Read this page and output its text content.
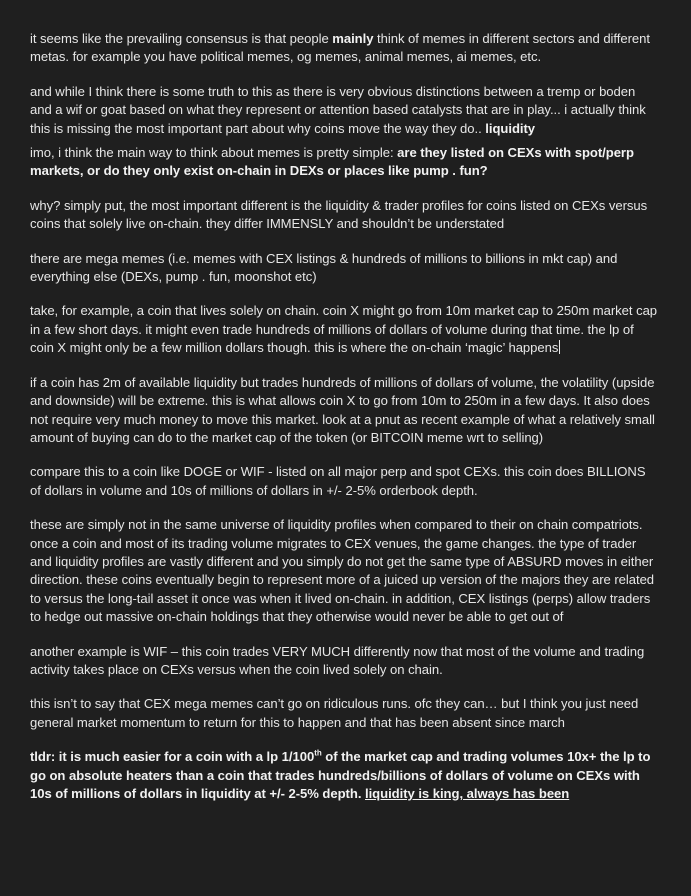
it seems like the prevailing consensus is that people mainly think of memes in different sectors and different metas. for example you have political memes, og memes, animal memes, ai memes, etc.

and while I think there is some truth to this as there is very obvious distinctions between a tremp or boden and a wif or goat based on what they represent or attention based catalysts that are in play... i actually think this is missing the most important part about why coins move the way they do.. liquidity

imo, i think the main way to think about memes is pretty simple: are they listed on CEXs with spot/perp markets, or do they only exist on-chain in DEXs or places like pump . fun?

why? simply put, the most important different is the liquidity & trader profiles for coins listed on CEXs versus coins that solely live on-chain. they differ IMMENSLY and shouldn’t be understated

there are mega memes (i.e. memes with CEX listings & hundreds of millions to billions in mkt cap) and everything else (DEXs, pump . fun, moonshot etc)

take, for example, a coin that lives solely on chain. coin X might go from 10m market cap to 250m market cap in a few short days. it might even trade hundreds of millions of dollars of volume during that time. the lp of coin X might only be a few million dollars though. this is where the on-chain ‘magic’ happens

if a coin has 2m of available liquidity but trades hundreds of millions of dollars of volume, the volatility (upside and downside) will be extreme. this is what allows coin X to go from 10m to 250m in a few days. It also does not require very much money to move this market. look at a pnut as recent example of what a relatively small amount of buying can do to the market cap of the token (or BITCOIN meme wrt to selling)

compare this to a coin like DOGE or WIF - listed on all major perp and spot CEXs. this coin does BILLIONS of dollars in volume and 10s of millions of dollars in +/- 2-5% orderbook depth.

these are simply not in the same universe of liquidity profiles when compared to their on chain compatriots. once a coin and most of its trading volume migrates to CEX venues, the game changes. the type of trader and liquidity profiles are vastly different and you simply do not get the same type of ABSURD moves in either direction. these coins eventually begin to represent more of a juiced up version of the majors they are related to versus the long-tail asset it once was when it lived on-chain. in addition, CEX listings (perps) allow traders to hedge out massive on-chain holdings that they otherwise would never be able to get out of

another example is WIF – this coin trades VERY MUCH differently now that most of the volume and trading activity takes place on CEXs versus when the coin lived solely on chain.

this isn’t to say that CEX mega memes can’t go on ridiculous runs. ofc they can… but I think you just need general market momentum to return for this to happen and that has been absent since march

tldr: it is much easier for a coin with a lp 1/100th of the market cap and trading volumes 10x+ the lp to go on absolute heaters than a coin that trades hundreds/billions of dollars of volume on CEXs with 10s of millions of dollars in liquidity at +/- 2-5% depth. liquidity is king, always has been
